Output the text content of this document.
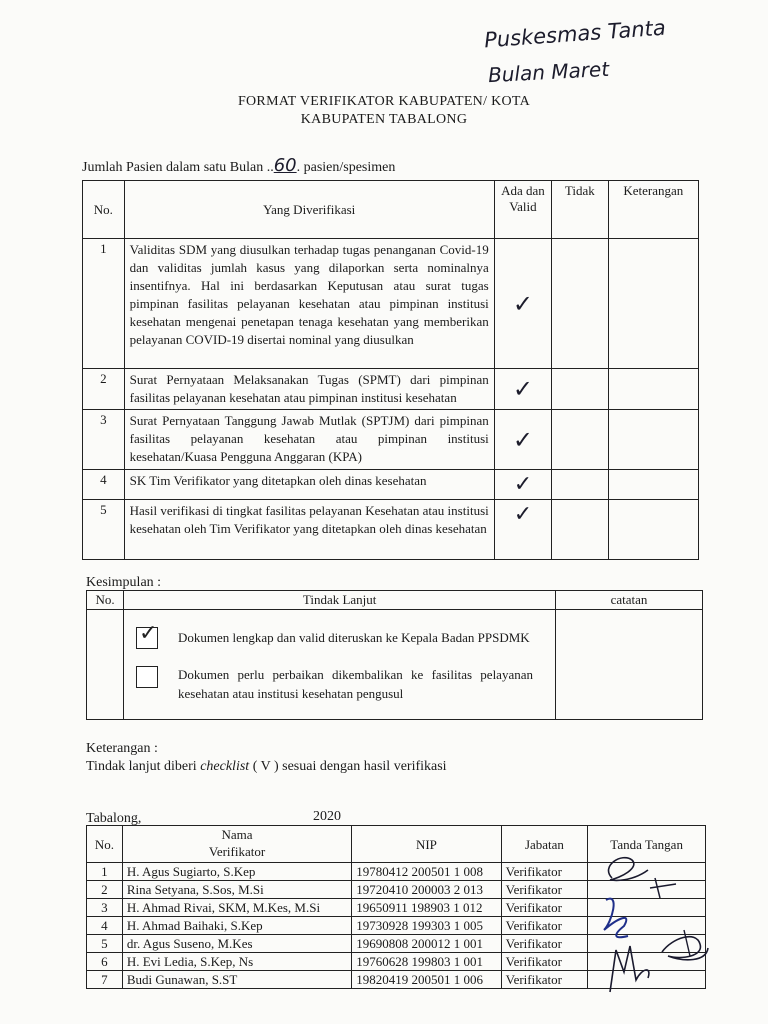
Puskesmas Tanta
Bulan Maret
FORMAT VERIFIKATOR KABUPATEN/ KOTA
KABUPATEN TABALONG
Jumlah Pasien dalam satu Bulan ..60. pasien/spesimen
No.	Yang Diverifikasi	Ada dan Valid	Tidak	Keterangan
1	Validitas SDM yang diusulkan terhadap tugas penanganan Covid-19 dan validitas jumlah kasus yang dilaporkan serta nominalnya insentifnya. Hal ini berdasarkan Keputusan atau surat tugas pimpinan fasilitas pelayanan kesehatan atau pimpinan institusi kesehatan mengenai penetapan tenaga kesehatan yang memberikan pelayanan COVID-19 disertai nominal yang diusulkan	✓		
2	Surat Pernyataan Melaksanakan Tugas (SPMT) dari pimpinan fasilitas pelayanan kesehatan atau pimpinan institusi kesehatan	✓		
3	Surat Pernyataan Tanggung Jawab Mutlak (SPTJM) dari pimpinan fasilitas pelayanan kesehatan atau pimpinan institusi kesehatan/Kuasa Pengguna Anggaran (KPA)	✓		
4	SK Tim Verifikator yang ditetapkan oleh dinas kesehatan	✓		
5	Hasil verifikasi di tingkat fasilitas pelayanan Kesehatan atau institusi kesehatan oleh Tim Verifikator yang ditetapkan oleh dinas kesehatan	✓		
Kesimpulan :
No.	Tindak Lanjut	catatan

✓ Dokumen lengkap dan valid diteruskan ke Kepala Badan PPSDMK
Dokumen perlu perbaikan dikembalikan ke fasilitas pelayanan kesehatan atau institusi kesehatan pengusul
Keterangan :
Tindak lanjut diberi checklist ( V ) sesuai dengan hasil verifikasi
Tabalong,	2020
No.	Nama Verifikator	NIP	Jabatan	Tanda Tangan
1	H. Agus Sugiarto, S.Kep	19780412 200501 1 008	Verifikator	
2	Rina Setyana, S.Sos, M.Si	19720410 200003 2 013	Verifikator	
3	H. Ahmad Rivai, SKM, M.Kes, M.Si	19650911 198903 1 012	Verifikator	
4	H. Ahmad Baihaki, S.Kep	19730928 199303 1 005	Verifikator	
5	dr. Agus Suseno, M.Kes	19690808 200012 1 001	Verifikator	
6	H. Evi Ledia, S.Kep, Ns	19760628 199803 1 001	Verifikator	
7	Budi Gunawan, S.ST	19820419 200501 1 006	Verifikator	
